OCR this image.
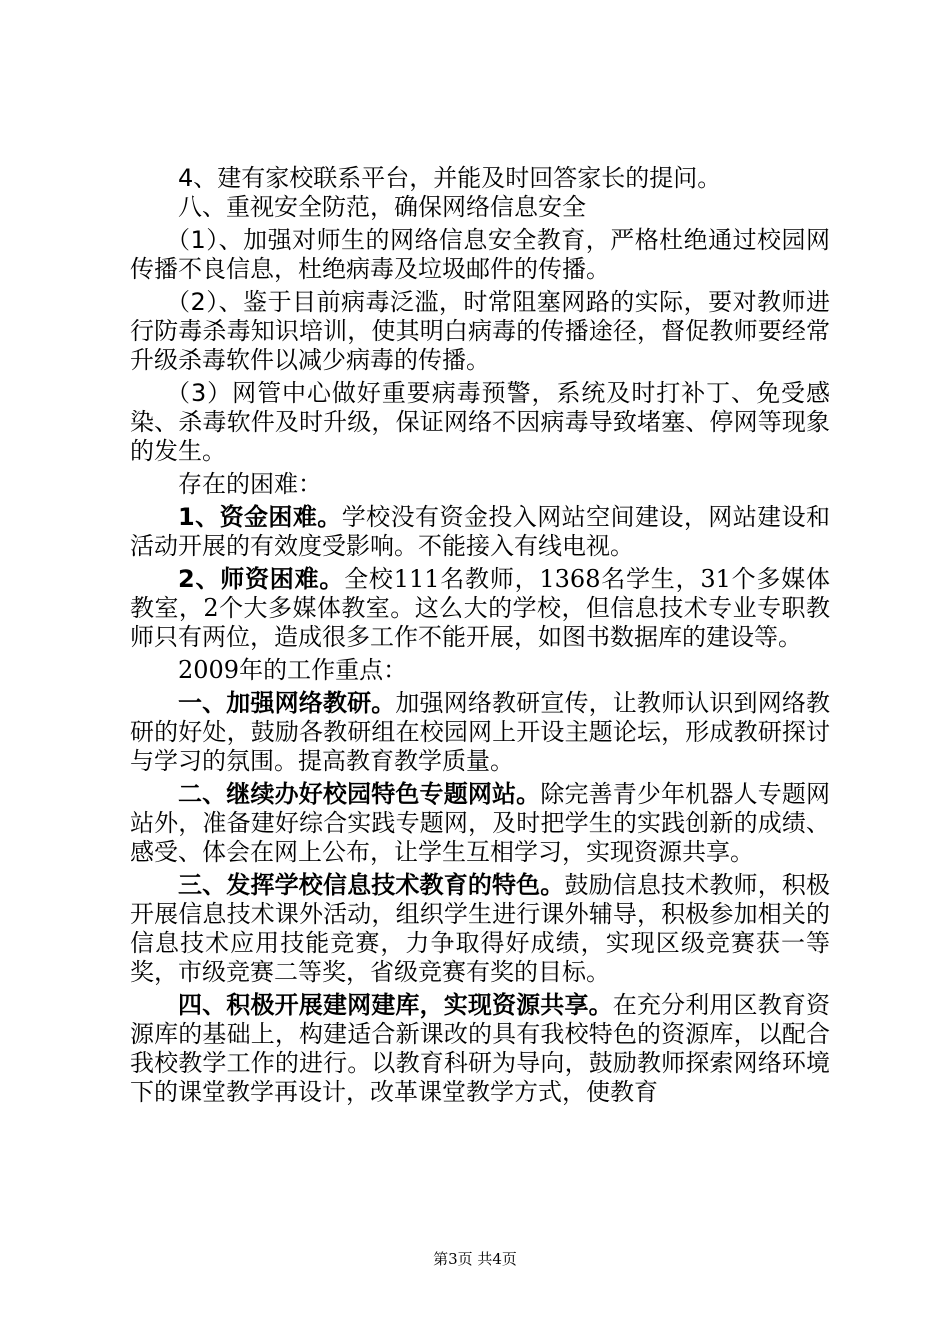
4、建有家校联系平台，并能及时回答家长的提问。

八、重视安全防范，确保网络信息安全

（1）、加强对师生的网络信息安全教育，严格杜绝通过校园网传播不良信息，杜绝病毒及垃圾邮件的传播。

（2）、鉴于目前病毒泛滥，时常阻塞网路的实际，要对教师进行防毒杀毒知识培训，使其明白病毒的传播途径，督促教师要经常升级杀毒软件以减少病毒的传播。

（3）网管中心做好重要病毒预警，系统及时打补丁、免受感染、杀毒软件及时升级，保证网络不因病毒导致堵塞、停网等现象的发生。

存在的困难：

1、资金困难。学校没有资金投入网站空间建设，网站建设和活动开展的有效度受影响。不能接入有线电视。

2、师资困难。全校111名教师，1368名学生，31个多媒体教室，2个大多媒体教室。这么大的学校，但信息技术专业专职教师只有两位，造成很多工作不能开展，如图书数据库的建设等。

2009年的工作重点：

一、加强网络教研。加强网络教研宣传，让教师认识到网络教研的好处，鼓励各教研组在校园网上开设主题论坛，形成教研探讨与学习的氛围。提高教育教学质量。

二、继续办好校园特色专题网站。除完善青少年机器人专题网站外，准备建好综合实践专题网，及时把学生的实践创新的成绩、感受、体会在网上公布，让学生互相学习，实现资源共享。

三、发挥学校信息技术教育的特色。鼓励信息技术教师，积极开展信息技术课外活动，组织学生进行课外辅导，积极参加相关的信息技术应用技能竞赛，力争取得好成绩，实现区级竞赛获一等奖，市级竞赛二等奖，省级竞赛有奖的目标。

四、积极开展建网建库，实现资源共享。在充分利用区教育资源库的基础上，构建适合新课改的具有我校特色的资源库，以配合我校教学工作的进行。以教育科研为导向，鼓励教师探索网络环境下的课堂教学再设计，改革课堂教学方式，使教育

第3页 共4页
